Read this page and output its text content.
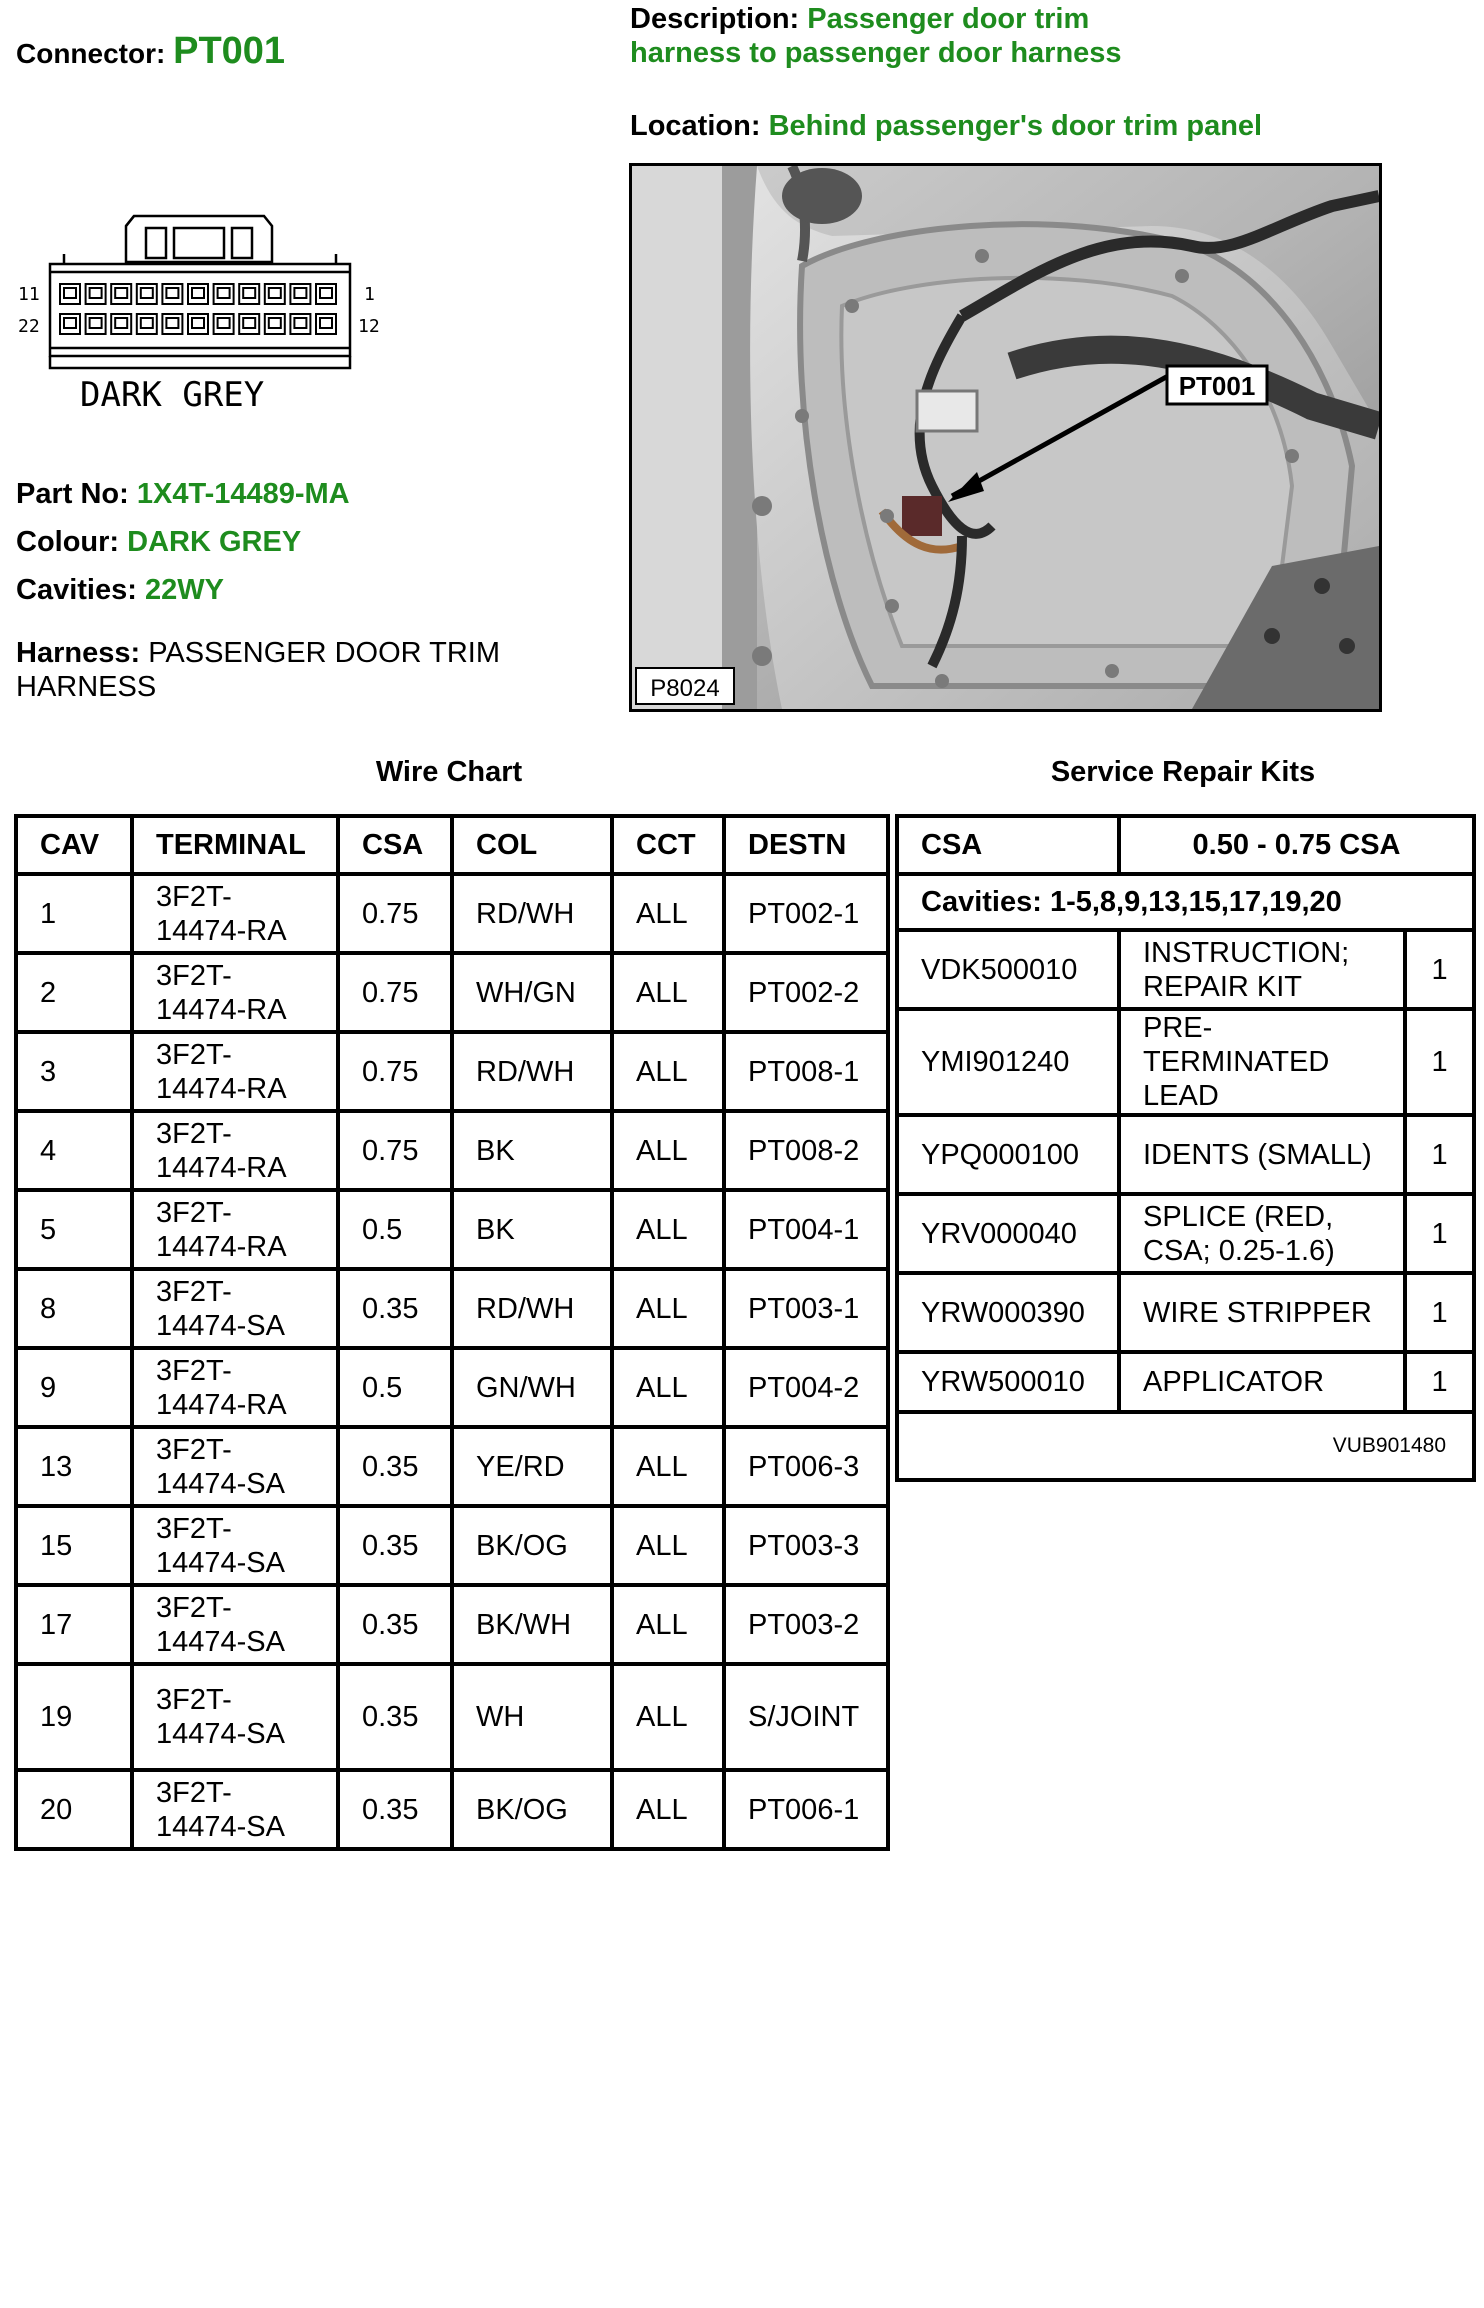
Connector: PT001
Description: Passenger door trim harness to passenger door harness
Location: Behind passenger's door trim panel
11
22
1
12
DARK GREY
Part No: 1X4T-14489-MA
Colour: DARK GREY
Cavities: 22WY
Harness: PASSENGER DOOR TRIM HARNESS
PT001
P8024
Wire Chart	Service Repair Kits
CAV	TERMINAL	CSA	COL	CCT	DESTN
1	3F2T-14474-RA	0.75	RD/WH	ALL	PT002-1
2	3F2T-14474-RA	0.75	WH/GN	ALL	PT002-2
3	3F2T-14474-RA	0.75	RD/WH	ALL	PT008-1
4	3F2T-14474-RA	0.75	BK	ALL	PT008-2
5	3F2T-14474-RA	0.5	BK	ALL	PT004-1
8	3F2T-14474-SA	0.35	RD/WH	ALL	PT003-1
9	3F2T-14474-RA	0.5	GN/WH	ALL	PT004-2
13	3F2T-14474-SA	0.35	YE/RD	ALL	PT006-3
15	3F2T-14474-SA	0.35	BK/OG	ALL	PT003-3
17	3F2T-14474-SA	0.35	BK/WH	ALL	PT003-2
19	3F2T-14474-SA	0.35	WH	ALL	S/JOINT
20	3F2T-14474-SA	0.35	BK/OG	ALL	PT006-1
CSA	0.50 - 0.75 CSA	
Cavities: 1-5,8,9,13,15,17,19,20		
VDK500010	INSTRUCTION; REPAIR KIT	1
YMI901240	PRE-TERMINATED LEAD	1
YPQ000100	IDENTS (SMALL)	1
YRV000040	SPLICE (RED, CSA; 0.25-1.6)	1
YRW000390	WIRE STRIPPER	1
YRW500010	APPLICATOR	1
VUB901480		
